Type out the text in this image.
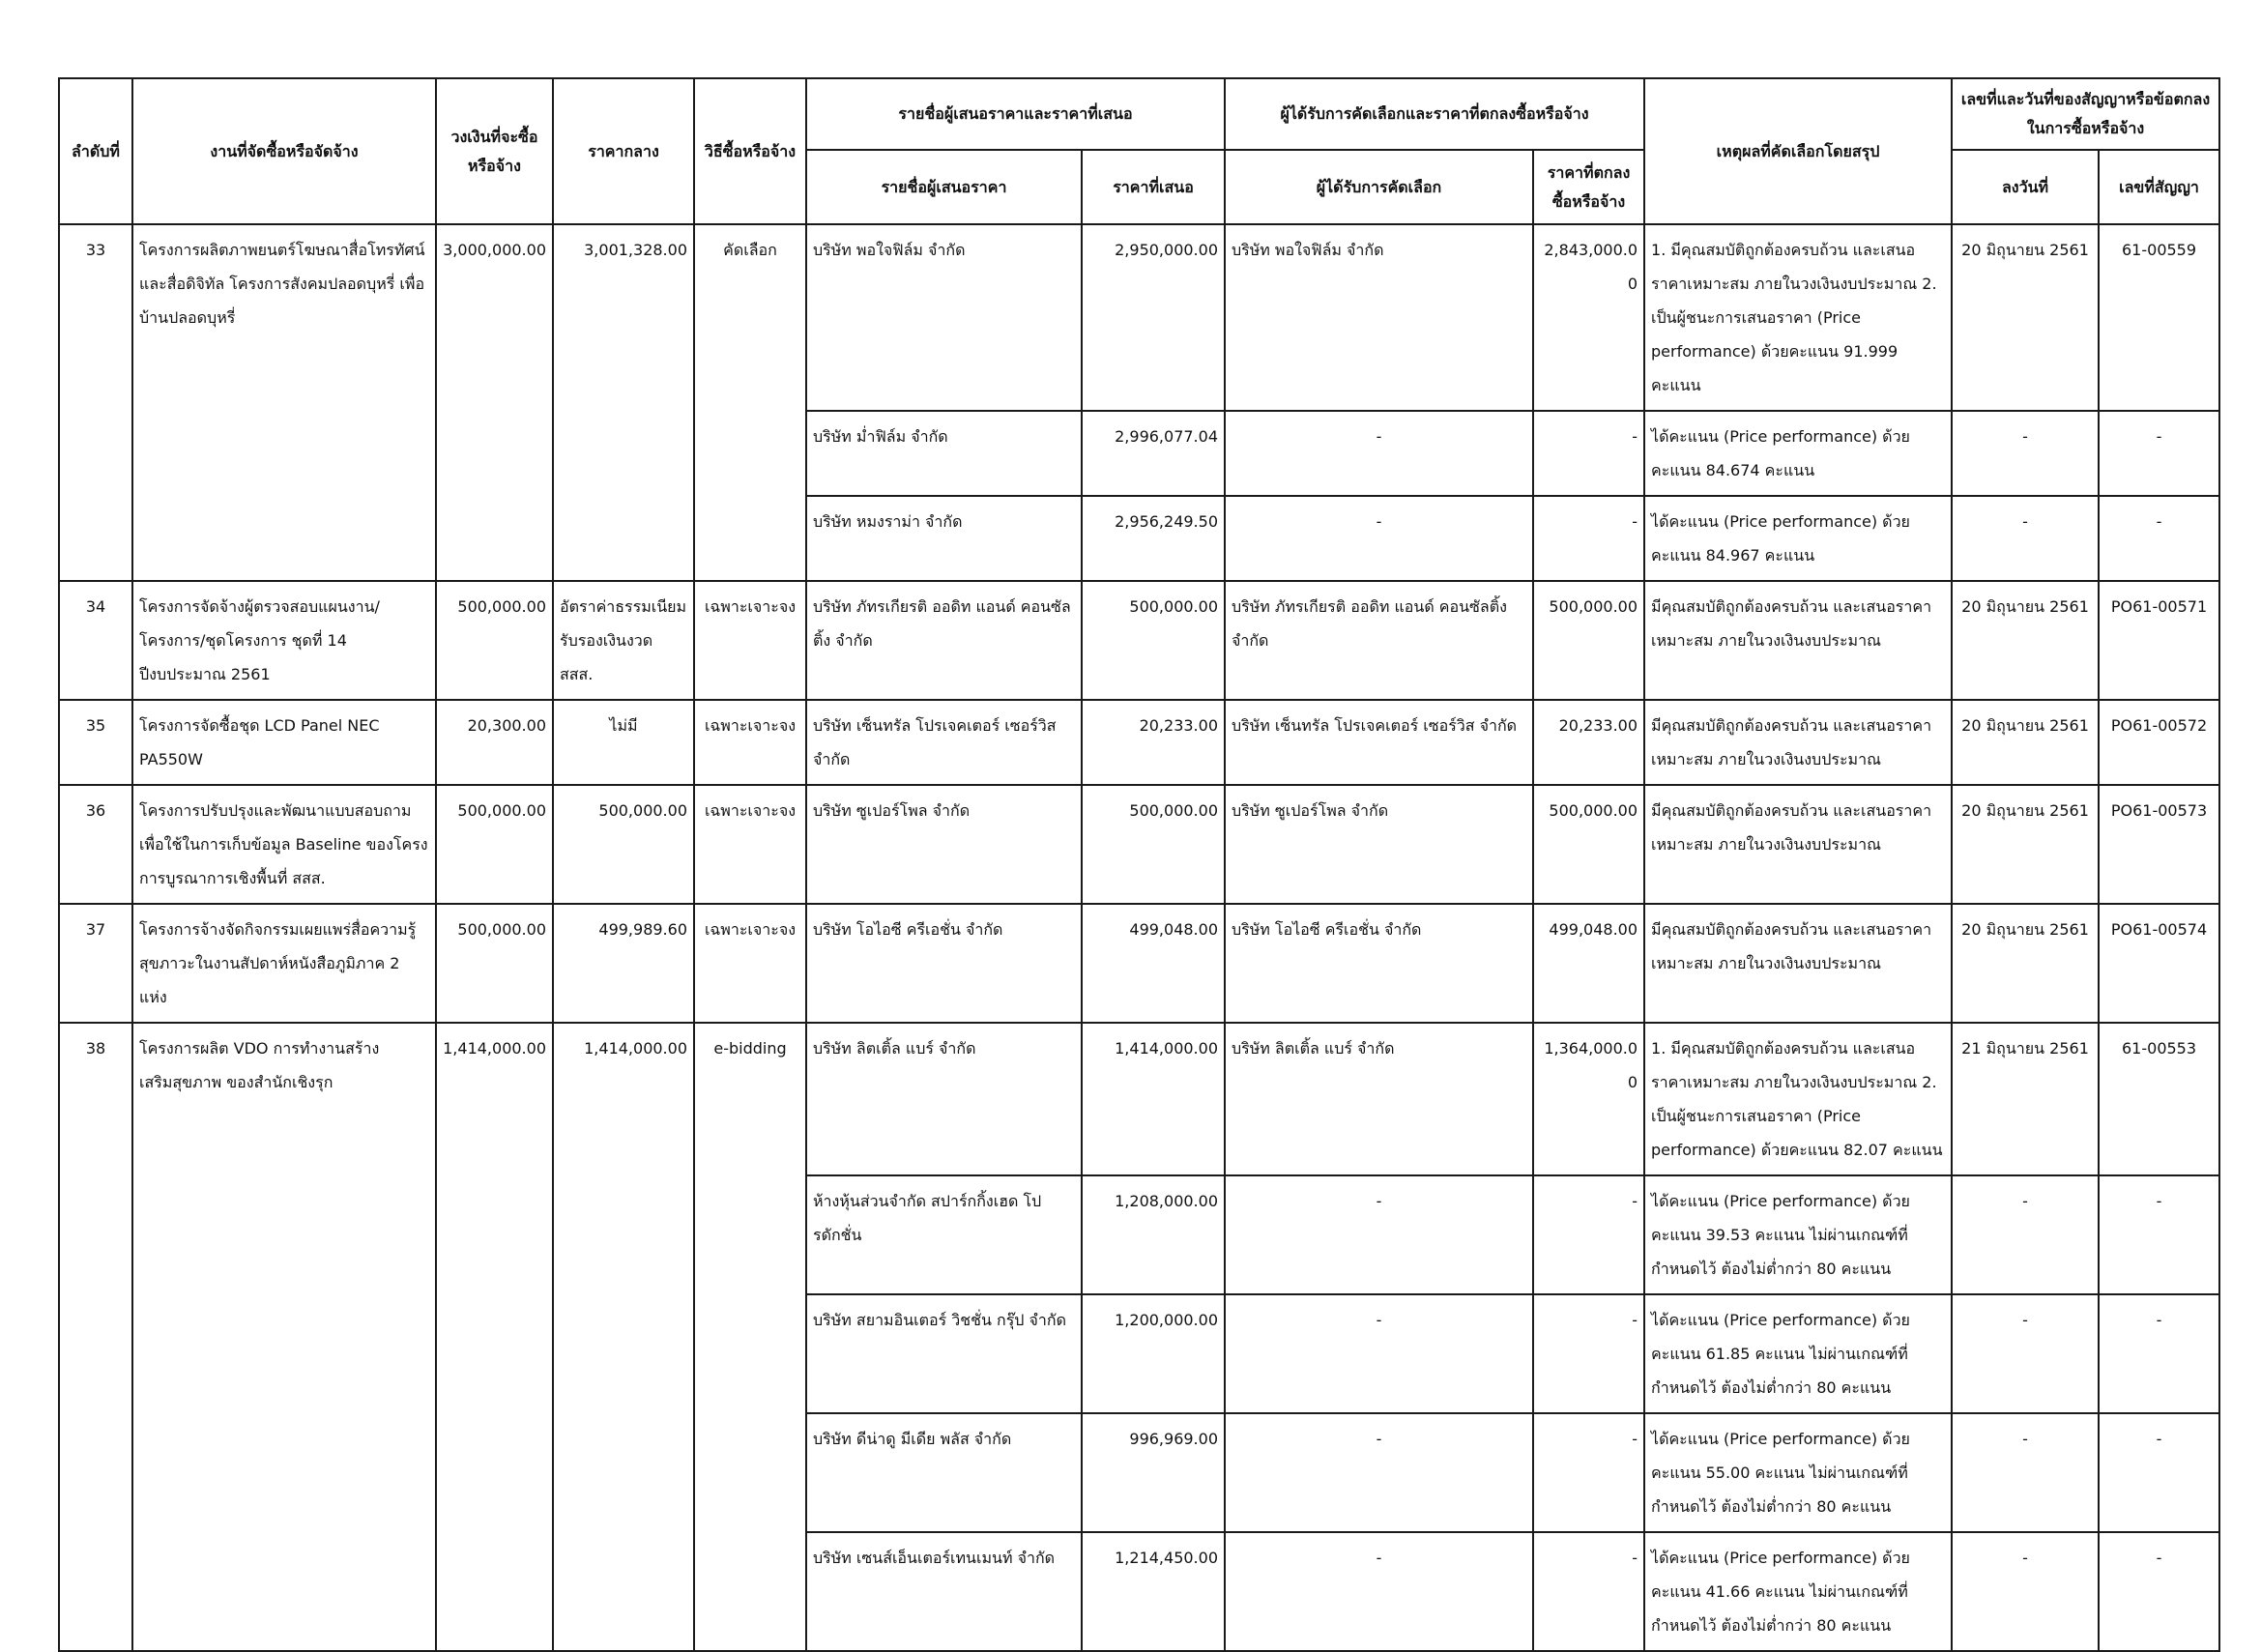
ลำดับที่	งานที่จัดซื้อหรือจัดจ้าง	วงเงินที่จะซื้อหรือจ้าง	ราคากลาง	วิธีซื้อหรือจ้าง	รายชื่อผู้เสนอราคาและราคาที่เสนอ		ผู้ได้รับการคัดเลือกและราคาที่ตกลงซื้อหรือจ้าง		เหตุผลที่คัดเลือกโดยสรุป	เลขที่และวันที่ของสัญญาหรือข้อตกลงในการซื้อหรือจ้าง	
					รายชื่อผู้เสนอราคา	ราคาที่เสนอ	ผู้ได้รับการคัดเลือก	ราคาที่ตกลงซื้อหรือจ้าง		ลงวันที่	เลขที่สัญญา
33	โครงการผลิตภาพยนตร์โฆษณาสื่อโทรทัศน์และสื่อดิจิทัล โครงการสังคมปลอดบุหรี่ เพื่อบ้านปลอดบุหรี่	3,000,000.00	3,001,328.00	คัดเลือก	บริษัท พอใจฟิล์ม จำกัด	2,950,000.00	บริษัท พอใจฟิล์ม จำกัด	2,843,000.00	1. มีคุณสมบัติถูกต้องครบถ้วน และเสนอราคาเหมาะสม ภายในวงเงินงบประมาณ 2. เป็นผู้ชนะการเสนอราคา (Price performance) ด้วยคะแนน 91.999 คะแนน	20 มิถุนายน 2561	61-00559
					บริษัท ม่ำฟิล์ม จำกัด	2,996,077.04	-	-	ได้คะแนน (Price performance) ด้วยคะแนน 84.674 คะแนน	-	-
					บริษัท หมงราม่า จำกัด	2,956,249.50	-	-	ได้คะแนน (Price performance) ด้วยคะแนน 84.967 คะแนน	-	-
34	โครงการจัดจ้างผู้ตรวจสอบแผนงาน/โครงการ/ชุดโครงการ ชุดที่ 14 ปีงบประมาณ 2561	500,000.00	อัตราค่าธรรมเนียมรับรองเงินงวด สสส.	เฉพาะเจาะจง	บริษัท ภัทรเกียรติ ออดิท แอนด์ คอนซัลติ้ง จำกัด	500,000.00	บริษัท ภัทรเกียรติ ออดิท แอนด์ คอนซัลติ้ง จำกัด	500,000.00	มีคุณสมบัติถูกต้องครบถ้วน และเสนอราคาเหมาะสม ภายในวงเงินงบประมาณ	20 มิถุนายน 2561	PO61-00571
35	โครงการจัดซื้อชุด LCD Panel NEC PA550W	20,300.00	ไม่มี	เฉพาะเจาะจง	บริษัท เซ็นทรัล โปรเจคเตอร์ เซอร์วิส จำกัด	20,233.00	บริษัท เซ็นทรัล โปรเจคเตอร์ เซอร์วิส จำกัด	20,233.00	มีคุณสมบัติถูกต้องครบถ้วน และเสนอราคาเหมาะสม ภายในวงเงินงบประมาณ	20 มิถุนายน 2561	PO61-00572
36	โครงการปรับปรุงและพัฒนาแบบสอบถาม เพื่อใช้ในการเก็บข้อมูล Baseline ของโครงการบูรณาการเชิงพื้นที่ สสส.	500,000.00	500,000.00	เฉพาะเจาะจง	บริษัท ซูเปอร์โพล จำกัด	500,000.00	บริษัท ซูเปอร์โพล จำกัด	500,000.00	มีคุณสมบัติถูกต้องครบถ้วน และเสนอราคาเหมาะสม ภายในวงเงินงบประมาณ	20 มิถุนายน 2561	PO61-00573
37	โครงการจ้างจัดกิจกรรมเผยแพร่สื่อความรู้สุขภาวะในงานสัปดาห์หนังสือภูมิภาค 2 แห่ง	500,000.00	499,989.60	เฉพาะเจาะจง	บริษัท โอไอซี ครีเอชั่น จำกัด	499,048.00	บริษัท โอไอซี ครีเอชั่น จำกัด	499,048.00	มีคุณสมบัติถูกต้องครบถ้วน และเสนอราคาเหมาะสม ภายในวงเงินงบประมาณ	20 มิถุนายน 2561	PO61-00574
38	โครงการผลิต VDO การทำงานสร้างเสริมสุขภาพ ของสำนักเชิงรุก	1,414,000.00	1,414,000.00	e-bidding	บริษัท ลิตเติ้ล แบร์ จำกัด	1,414,000.00	บริษัท ลิตเติ้ล แบร์ จำกัด	1,364,000.00	1. มีคุณสมบัติถูกต้องครบถ้วน และเสนอราคาเหมาะสม ภายในวงเงินงบประมาณ 2. เป็นผู้ชนะการเสนอราคา (Price performance) ด้วยคะแนน 82.07 คะแนน	21 มิถุนายน 2561	61-00553
					ห้างหุ้นส่วนจำกัด สปาร์กกิ้งเฮด โปรดักชั่น	1,208,000.00	-	-	ได้คะแนน (Price performance) ด้วยคะแนน 39.53 คะแนน ไม่ผ่านเกณฑ์ที่กำหนดไว้ ต้องไม่ต่ำกว่า 80 คะแนน	-	-
					บริษัท สยามอินเตอร์ วิชชั่น กรุ๊ป จำกัด	1,200,000.00	-	-	ได้คะแนน (Price performance) ด้วยคะแนน 61.85 คะแนน ไม่ผ่านเกณฑ์ที่กำหนดไว้ ต้องไม่ต่ำกว่า 80 คะแนน	-	-
					บริษัท ดีน่าดู มีเดีย พลัส จำกัด	996,969.00	-	-	ได้คะแนน (Price performance) ด้วยคะแนน 55.00 คะแนน ไม่ผ่านเกณฑ์ที่กำหนดไว้ ต้องไม่ต่ำกว่า 80 คะแนน	-	-
					บริษัท เซนส์เอ็นเตอร์เทนเมนท์ จำกัด	1,214,450.00	-	-	ได้คะแนน (Price performance) ด้วยคะแนน 41.66 คะแนน ไม่ผ่านเกณฑ์ที่กำหนดไว้ ต้องไม่ต่ำกว่า 80 คะแนน	-	-
